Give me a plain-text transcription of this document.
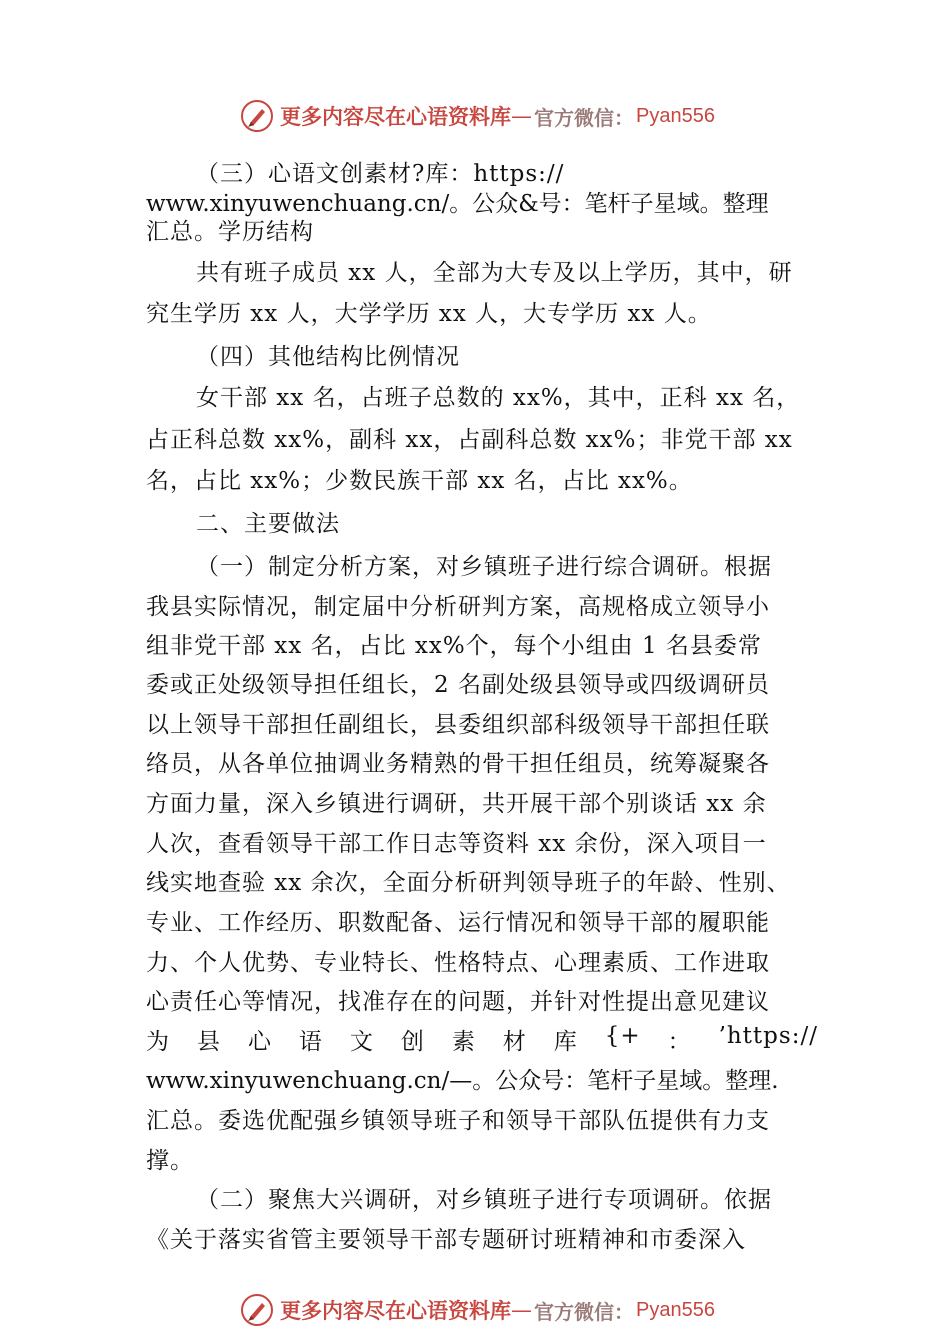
更多内容尽在心语资料库 — 官方微信： Pyan556
（三）心语文创素材?库：https://
www.xinyuwenchuang.cn/。公众&号：笔杆子星域。整理
汇总。学历结构
共有班子成员 xx 人，全部为大专及以上学历，其中，研
究生学历 xx 人，大学学历 xx 人，大专学历 xx 人。
（四）其他结构比例情况
女干部 xx 名，占班子总数的 xx%，其中，正科 xx 名，
占正科总数 xx%，副科 xx，占副科总数 xx%；非党干部 xx
名，占比 xx%；少数民族干部 xx 名，占比 xx%。
二、主要做法
（一）制定分析方案，对乡镇班子进行综合调研。根据
我县实际情况，制定届中分析研判方案，高规格成立领导小
组非党干部 xx 名，占比 xx%个，每个小组由 1 名县委常
委或正处级领导担任组长，2 名副处级县领导或四级调研员
以上领导干部担任副组长，县委组织部科级领导干部担任联
络员，从各单位抽调业务精熟的骨干担任组员，统筹凝聚各
方面力量，深入乡镇进行调研，共开展干部个别谈话 xx 余
人次，查看领导干部工作日志等资料 xx 余份，深入项目一
线实地查验 xx 余次，全面分析研判领导班子的年龄、性别、
专业、工作经历、职数配备、运行情况和领导干部的履职能
力、个人优势、专业特长、性格特点、心理素质、工作进取
心责任心等情况，找准存在的问题，并针对性提出意见建议
为 县 心 语 文 创 素 材 库 {+ ： ’https://
www.xinyuwenchuang.cn/—。公众号：笔杆子星域。整理.
汇总。委选优配强乡镇领导班子和领导干部队伍提供有力支
撑。
（二）聚焦大兴调研，对乡镇班子进行专项调研。依据
《关于落实省管主要领导干部专题研讨班精神和市委深入
更多内容尽在心语资料库 — 官方微信： Pyan556
